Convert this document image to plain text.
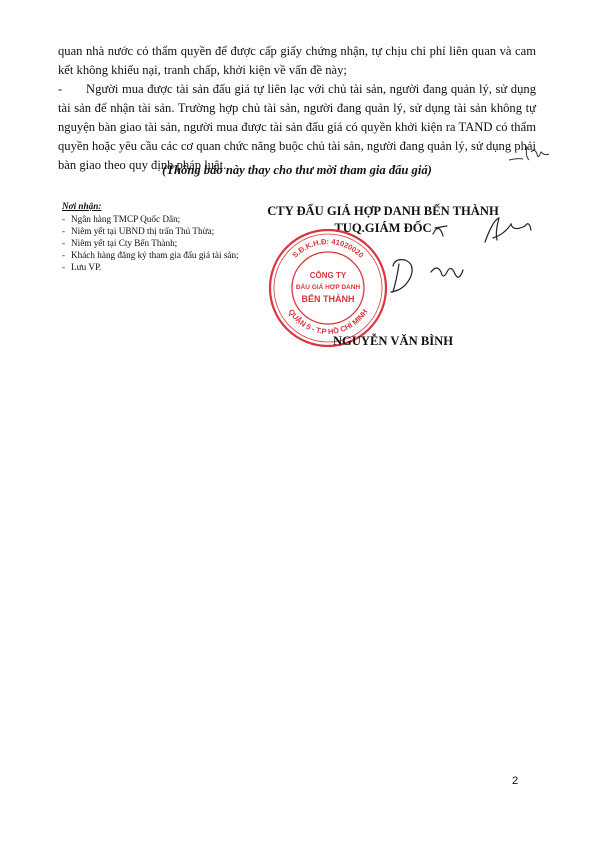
quan nhà nước có thẩm quyền để được cấp giấy chứng nhận, tự chịu chi phí liên quan và cam kết không khiếu nại, tranh chấp, khởi kiện về vấn đề này;
- Người mua được tài sản đấu giá tự liên lạc với chủ tài sản, người đang quản lý, sử dụng tài sản để nhận tài sản. Trường hợp chủ tài sản, người đang quản lý, sử dụng tài sản không tự nguyện bàn giao tài sản, người mua được tài sản đấu giá có quyền khởi kiện ra TAND có thẩm quyền hoặc yêu cầu các cơ quan chức năng buộc chủ tài sản, người đang quản lý, sử dụng phải bàn giao theo quy định pháp luật.
(Thông báo này thay cho thư mời tham gia đấu giá)
Nơi nhận:
- Ngân hàng TMCP Quốc Dân;
- Niêm yết tại UBND thị trấn Thủ Thừa;
- Niêm yết tại Cty Bến Thành;
- Khách hàng đăng ký tham gia đấu giá tài sản;
- Lưu VP.
CTY ĐẤU GIÁ HỢP DANH BẾN THÀNH
TUQ.GIÁM ĐỐC
S.Đ.K.H.Đ: 41020020
QUẬN 5 - T.P HỒ CHÍ MINH
CÔNG TY
ĐẤU GIÁ HỢP DANH
BẾN THÀNH
NGUYỄN VĂN BÌNH
2
